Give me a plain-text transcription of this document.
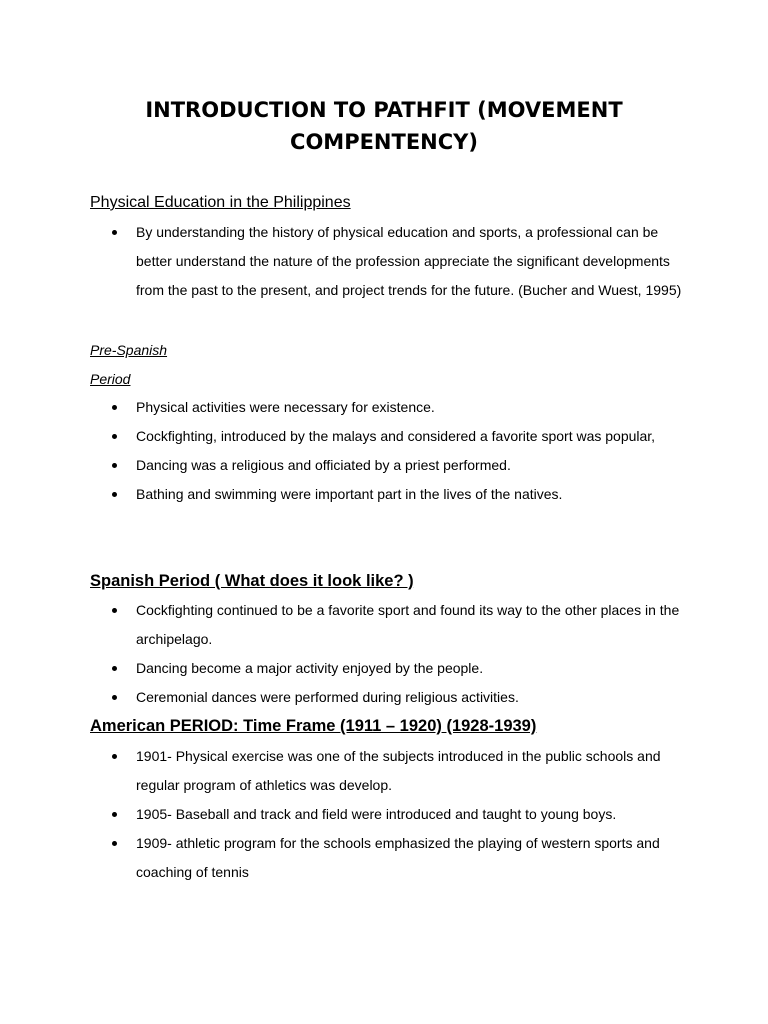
INTRODUCTION TO PATHFIT (MOVEMENT COMPENTENCY)

Physical Education in the Philippines

By understanding the history of physical education and sports, a professional can be better understand the nature of the profession appreciate the significant developments from the past to the present, and project trends for the future. (Bucher and Wuest, 1995)

Pre-Spanish

Period

Physical activities were necessary for existence.
Cockfighting, introduced by the malays and considered a favorite sport was popular,
Dancing was a religious and officiated by a priest performed.
Bathing and swimming were important part in the lives of the natives.

Spanish Period ( What does it look like? )

Cockfighting continued to be a favorite sport and found its way to the other places in the archipelago.
Dancing become a major activity enjoyed by the people.
Ceremonial dances were performed during religious activities.

American PERIOD: Time Frame (1911 – 1920) (1928-1939)

1901- Physical exercise was one of the subjects introduced in the public schools and regular program of athletics was develop.
1905- Baseball and track and field were introduced and taught to young boys.
1909- athletic program for the schools emphasized the playing of western sports and coaching of tennis
